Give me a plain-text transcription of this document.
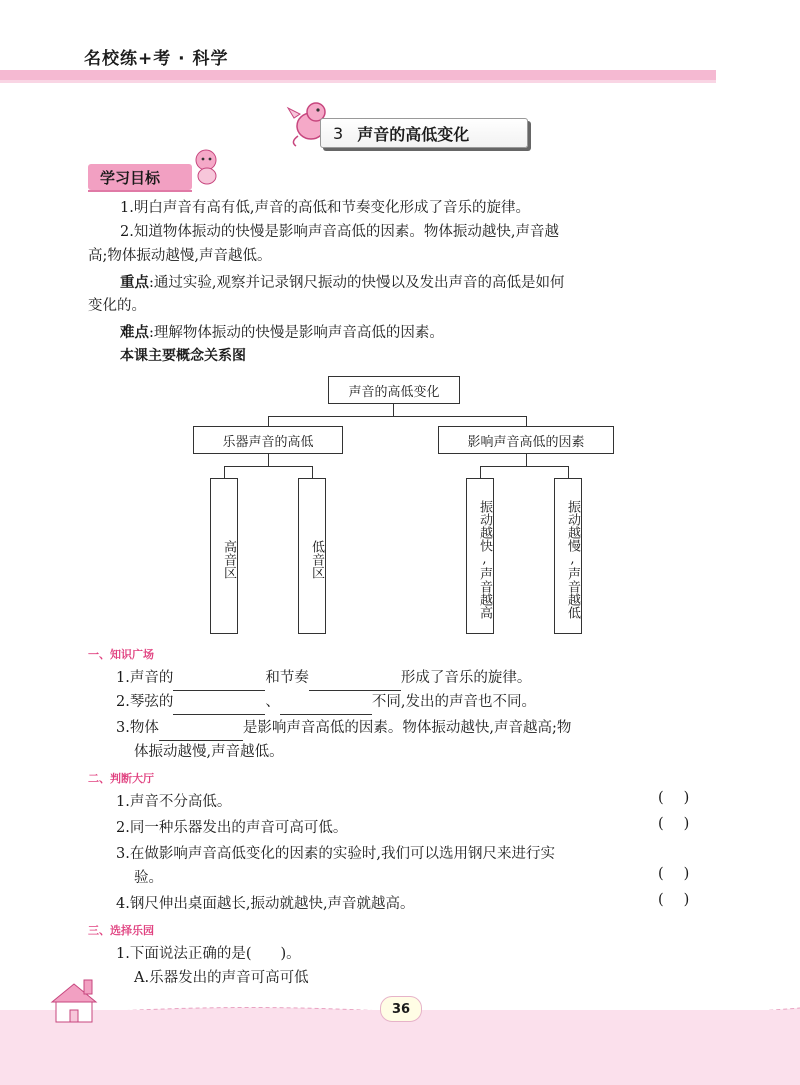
名校练+考 · 科学
3 声音的高低变化
学习目标
1.明白声音有高有低,声音的高低和节奏变化形成了音乐的旋律。
2.知道物体振动的快慢是影响声音高低的因素。物体振动越快,声音越
高;物体振动越慢,声音越低。
重点:通过实验,观察并记录钢尺振动的快慢以及发出声音的高低是如何
变化的。
难点:理解物体振动的快慢是影响声音高低的因素。
本课主要概念关系图
声音的高低变化
乐器声音的高低	影响声音高低的因素
高音区	低音区	振动越快,声音越高	振动越慢,声音越低
一、知识广场
1.声音的	和节奏	形成了音乐的旋律。
2.琴弦的	、	不同,发出的声音也不同。
3.物体	是影响声音高低的因素。物体振动越快,声音越高;物
体振动越慢,声音越低。
二、判断大厅
1.声音不分高低。	()
2.同一种乐器发出的声音可高可低。	()
3.在做影响声音高低变化的因素的实验时,我们可以选用钢尺来进行实
验。	()
4.钢尺伸出桌面越长,振动就越快,声音就越高。	()
三、选择乐园
1.下面说法正确的是(　　)。
A.乐器发出的声音可高可低
36
